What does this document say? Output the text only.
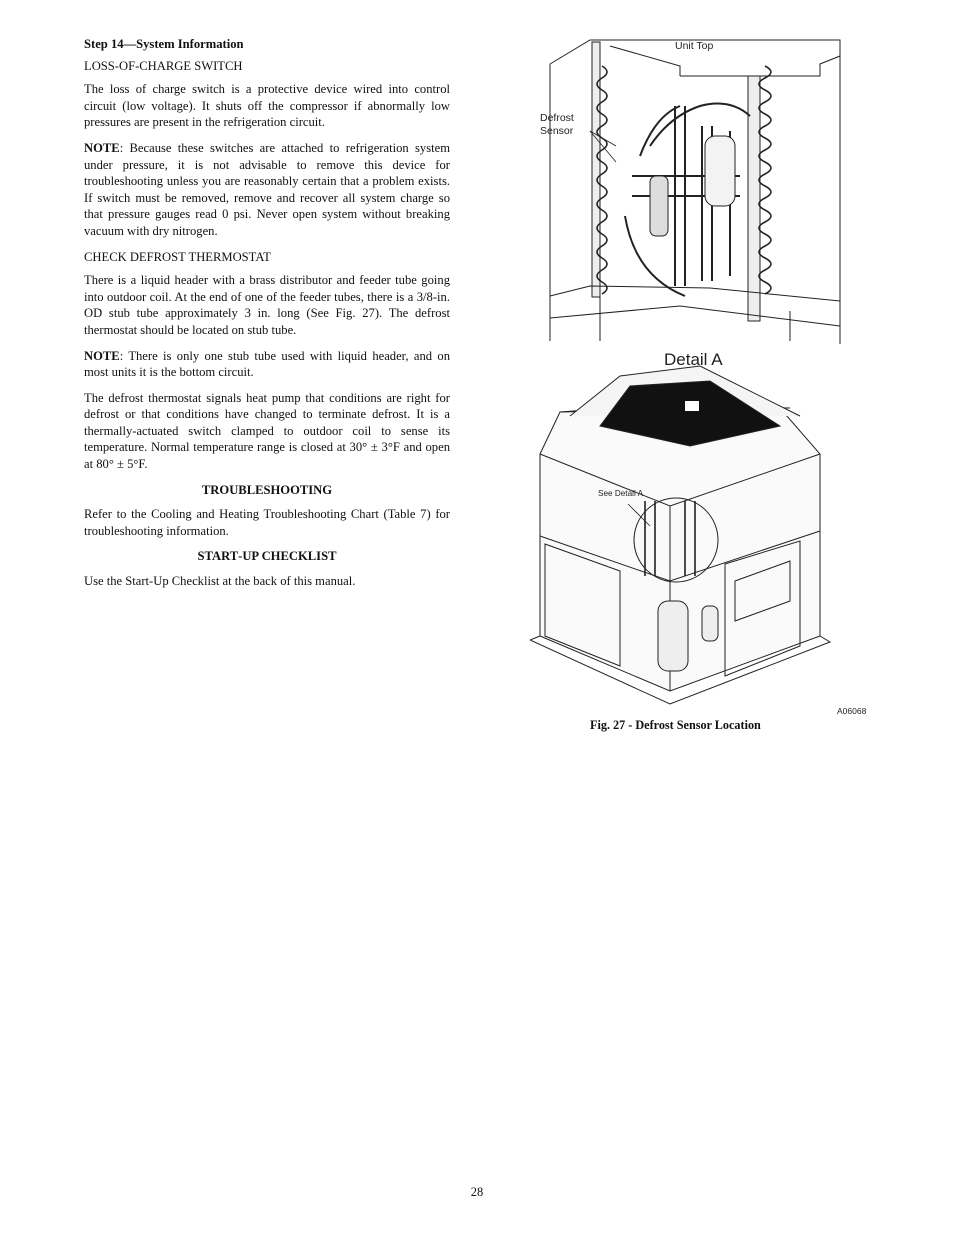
Step 14—System Information

LOSS‑OF‑CHARGE SWITCH

The loss of charge switch is a protective device wired into control circuit (low voltage). It shuts off the compressor if abnormally low pressures are present in the refrigeration circuit.

NOTE: Because these switches are attached to refrigeration system under pressure, it is not advisable to remove this device for troubleshooting unless you are reasonably certain that a problem exists. If switch must be removed, remove and recover all system charge so that pressure gauges read 0 psi. Never open system without breaking vacuum with dry nitrogen.

CHECK DEFROST THERMOSTAT

There is a liquid header with a brass distributor and feeder tube going into outdoor coil. At the end of one of the feeder tubes, there is a 3/8‑in. OD stub tube approximately 3 in. long (See Fig. 27). The defrost thermostat should be located on stub tube.

NOTE: There is only one stub tube used with liquid header, and on most units it is the bottom circuit.

The defrost thermostat signals heat pump that conditions are right for defrost or that conditions have changed to terminate defrost. It is a thermally‑actuated switch clamped to outdoor coil to sense its temperature. Normal temperature range is closed at 30° ± 3°F and open at 80° ± 5°F.

TROUBLESHOOTING

Refer to the Cooling and Heating Troubleshooting Chart (Table 7) for troubleshooting information.

START‑UP CHECKLIST

Use the Start‑Up Checklist at the back of this manual.

Unit Top
Defrost Sensor
Detail A
See Detail A
A06068
Fig. 27 ‑ Defrost Sensor Location
28
